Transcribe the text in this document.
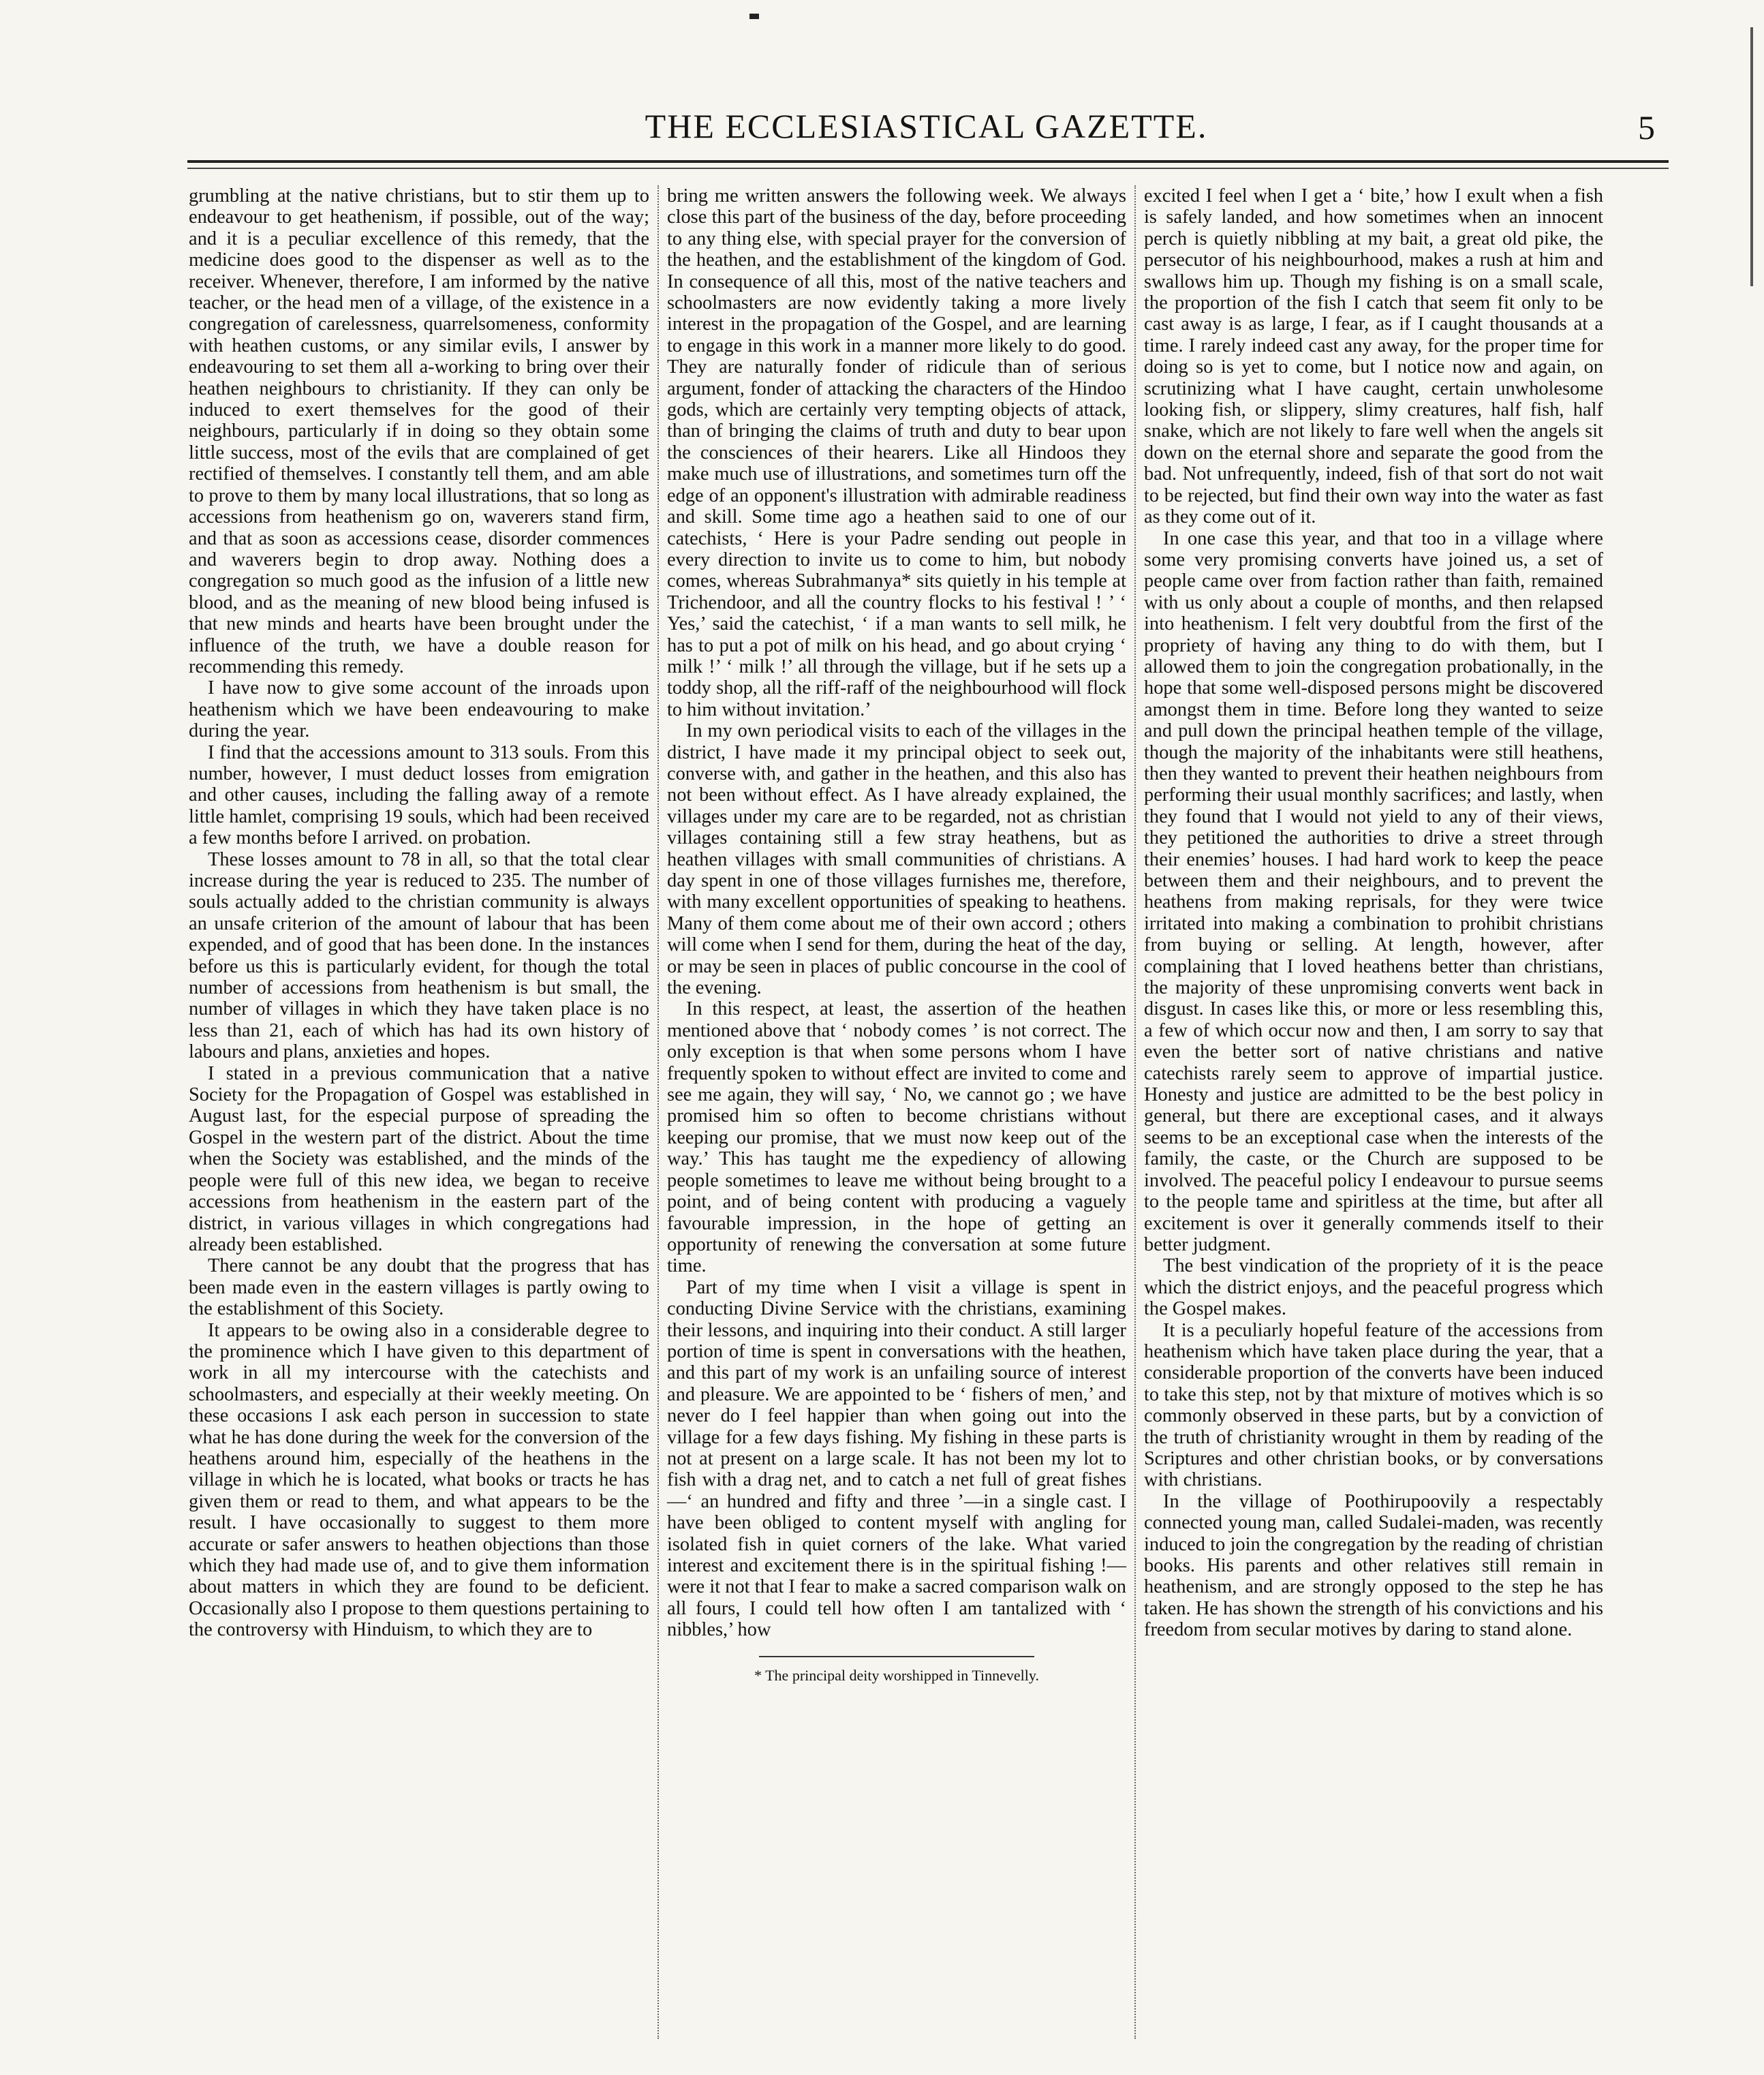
THE ECCLESIASTICAL GAZETTE.	5

grumbling at the native christians, but to stir them up to endeavour to get heathenism, if possible, out of the way; and it is a peculiar excellence of this remedy, that the medicine does good to the dispenser as well as to the receiver. Whenever, therefore, I am informed by the native teacher, or the head men of a village, of the existence in a congregation of carelessness, quarrelsomeness, conformity with heathen customs, or any similar evils, I answer by endeavouring to set them all a-working to bring over their heathen neighbours to christianity. If they can only be induced to exert themselves for the good of their neighbours, particularly if in doing so they obtain some little success, most of the evils that are complained of get rectified of themselves. I constantly tell them, and am able to prove to them by many local illustrations, that so long as accessions from heathenism go on, waverers stand firm, and that as soon as accessions cease, disorder commences and waverers begin to drop away. Nothing does a congregation so much good as the infusion of a little new blood, and as the meaning of new blood being infused is that new minds and hearts have been brought under the influence of the truth, we have a double reason for recommending this remedy.

I have now to give some account of the inroads upon heathenism which we have been endeavouring to make during the year.

I find that the accessions amount to 313 souls. From this number, however, I must deduct losses from emigration and other causes, including the falling away of a remote little hamlet, comprising 19 souls, which had been received a few months before I arrived. on probation.

These losses amount to 78 in all, so that the total clear increase during the year is reduced to 235. The number of souls actually added to the christian community is always an unsafe criterion of the amount of labour that has been expended, and of good that has been done. In the instances before us this is particularly evident, for though the total number of accessions from heathenism is but small, the number of villages in which they have taken place is no less than 21, each of which has had its own history of labours and plans, anxieties and hopes.

I stated in a previous communication that a native Society for the Propagation of Gospel was established in August last, for the especial purpose of spreading the Gospel in the western part of the district. About the time when the Society was established, and the minds of the people were full of this new idea, we began to receive accessions from heathenism in the eastern part of the district, in various villages in which congregations had already been established.

There cannot be any doubt that the progress that has been made even in the eastern villages is partly owing to the establishment of this Society.

It appears to be owing also in a considerable degree to the prominence which I have given to this department of work in all my intercourse with the catechists and schoolmasters, and especially at their weekly meeting. On these occasions I ask each person in succession to state what he has done during the week for the conversion of the heathens around him, especially of the heathens in the village in which he is located, what books or tracts he has given them or read to them, and what appears to be the result. I have occasionally to suggest to them more accurate or safer answers to heathen objections than those which they had made use of, and to give them information about matters in which they are found to be deficient. Occasionally also I propose to them questions pertaining to the controversy with Hinduism, to which they are to

bring me written answers the following week. We always close this part of the business of the day, before proceeding to any thing else, with special prayer for the conversion of the heathen, and the establishment of the kingdom of God. In consequence of all this, most of the native teachers and schoolmasters are now evidently taking a more lively interest in the propagation of the Gospel, and are learning to engage in this work in a manner more likely to do good. They are naturally fonder of ridicule than of serious argument, fonder of attacking the characters of the Hindoo gods, which are certainly very tempting objects of attack, than of bringing the claims of truth and duty to bear upon the consciences of their hearers. Like all Hindoos they make much use of illustrations, and sometimes turn off the edge of an opponent's illustration with admirable readiness and skill. Some time ago a heathen said to one of our catechists, ‘ Here is your Padre sending out people in every direction to invite us to come to him, but nobody comes, whereas Subrahmanya* sits quietly in his temple at Trichendoor, and all the country flocks to his festival ! ’ ‘ Yes,’ said the catechist, ‘ if a man wants to sell milk, he has to put a pot of milk on his head, and go about crying ‘ milk !’ ‘ milk !’ all through the village, but if he sets up a toddy shop, all the riff-raff of the neighbourhood will flock to him without invitation.’

In my own periodical visits to each of the villages in the district, I have made it my principal object to seek out, converse with, and gather in the heathen, and this also has not been without effect. As I have already explained, the villages under my care are to be regarded, not as christian villages containing still a few stray heathens, but as heathen villages with small communities of christians. A day spent in one of those villages furnishes me, therefore, with many excellent opportunities of speaking to heathens. Many of them come about me of their own accord ; others will come when I send for them, during the heat of the day, or may be seen in places of public concourse in the cool of the evening.

In this respect, at least, the assertion of the heathen mentioned above that ‘ nobody comes ’ is not correct. The only exception is that when some persons whom I have frequently spoken to without effect are invited to come and see me again, they will say, ‘ No, we cannot go ; we have promised him so often to become christians without keeping our promise, that we must now keep out of the way.’ This has taught me the expediency of allowing people sometimes to leave me without being brought to a point, and of being content with producing a vaguely favourable impression, in the hope of getting an opportunity of renewing the conversation at some future time.

Part of my time when I visit a village is spent in conducting Divine Service with the christians, examining their lessons, and inquiring into their conduct. A still larger portion of time is spent in conversations with the heathen, and this part of my work is an unfailing source of interest and pleasure. We are appointed to be ‘ fishers of men,’ and never do I feel happier than when going out into the village for a few days fishing. My fishing in these parts is not at present on a large scale. It has not been my lot to fish with a drag net, and to catch a net full of great fishes—‘ an hundred and fifty and three ’—in a single cast. I have been obliged to content myself with angling for isolated fish in quiet corners of the lake. What varied interest and excitement there is in the spiritual fishing !—were it not that I fear to make a sacred comparison walk on all fours, I could tell how often I am tantalized with ‘ nibbles,’ how

* The principal deity worshipped in Tinnevelly.

excited I feel when I get a ‘ bite,’ how I exult when a fish is safely landed, and how sometimes when an innocent perch is quietly nibbling at my bait, a great old pike, the persecutor of his neighbourhood, makes a rush at him and swallows him up. Though my fishing is on a small scale, the proportion of the fish I catch that seem fit only to be cast away is as large, I fear, as if I caught thousands at a time. I rarely indeed cast any away, for the proper time for doing so is yet to come, but I notice now and again, on scrutinizing what I have caught, certain unwholesome looking fish, or slippery, slimy creatures, half fish, half snake, which are not likely to fare well when the angels sit down on the eternal shore and separate the good from the bad. Not unfrequently, indeed, fish of that sort do not wait to be rejected, but find their own way into the water as fast as they come out of it.

In one case this year, and that too in a village where some very promising converts have joined us, a set of people came over from faction rather than faith, remained with us only about a couple of months, and then relapsed into heathenism. I felt very doubtful from the first of the propriety of having any thing to do with them, but I allowed them to join the congregation probationally, in the hope that some well-disposed persons might be discovered amongst them in time. Before long they wanted to seize and pull down the principal heathen temple of the village, though the majority of the inhabitants were still heathens, then they wanted to prevent their heathen neighbours from performing their usual monthly sacrifices; and lastly, when they found that I would not yield to any of their views, they petitioned the authorities to drive a street through their enemies’ houses. I had hard work to keep the peace between them and their neighbours, and to prevent the heathens from making reprisals, for they were twice irritated into making a combination to prohibit christians from buying or selling. At length, however, after complaining that I loved heathens better than christians, the majority of these unpromising converts went back in disgust. In cases like this, or more or less resembling this, a few of which occur now and then, I am sorry to say that even the better sort of native christians and native catechists rarely seem to approve of impartial justice. Honesty and justice are admitted to be the best policy in general, but there are exceptional cases, and it always seems to be an exceptional case when the interests of the family, the caste, or the Church are supposed to be involved. The peaceful policy I endeavour to pursue seems to the people tame and spiritless at the time, but after all excitement is over it generally commends itself to their better judgment.

The best vindication of the propriety of it is the peace which the district enjoys, and the peaceful progress which the Gospel makes.

It is a peculiarly hopeful feature of the accessions from heathenism which have taken place during the year, that a considerable proportion of the converts have been induced to take this step, not by that mixture of motives which is so commonly observed in these parts, but by a conviction of the truth of christianity wrought in them by reading of the Scriptures and other christian books, or by conversations with christians.

In the village of Poothirupoovily a respectably connected young man, called Sudalei-maden, was recently induced to join the congregation by the reading of christian books. His parents and other relatives still remain in heathenism, and are strongly opposed to the step he has taken. He has shown the strength of his convictions and his freedom from secular motives by daring to stand alone.
